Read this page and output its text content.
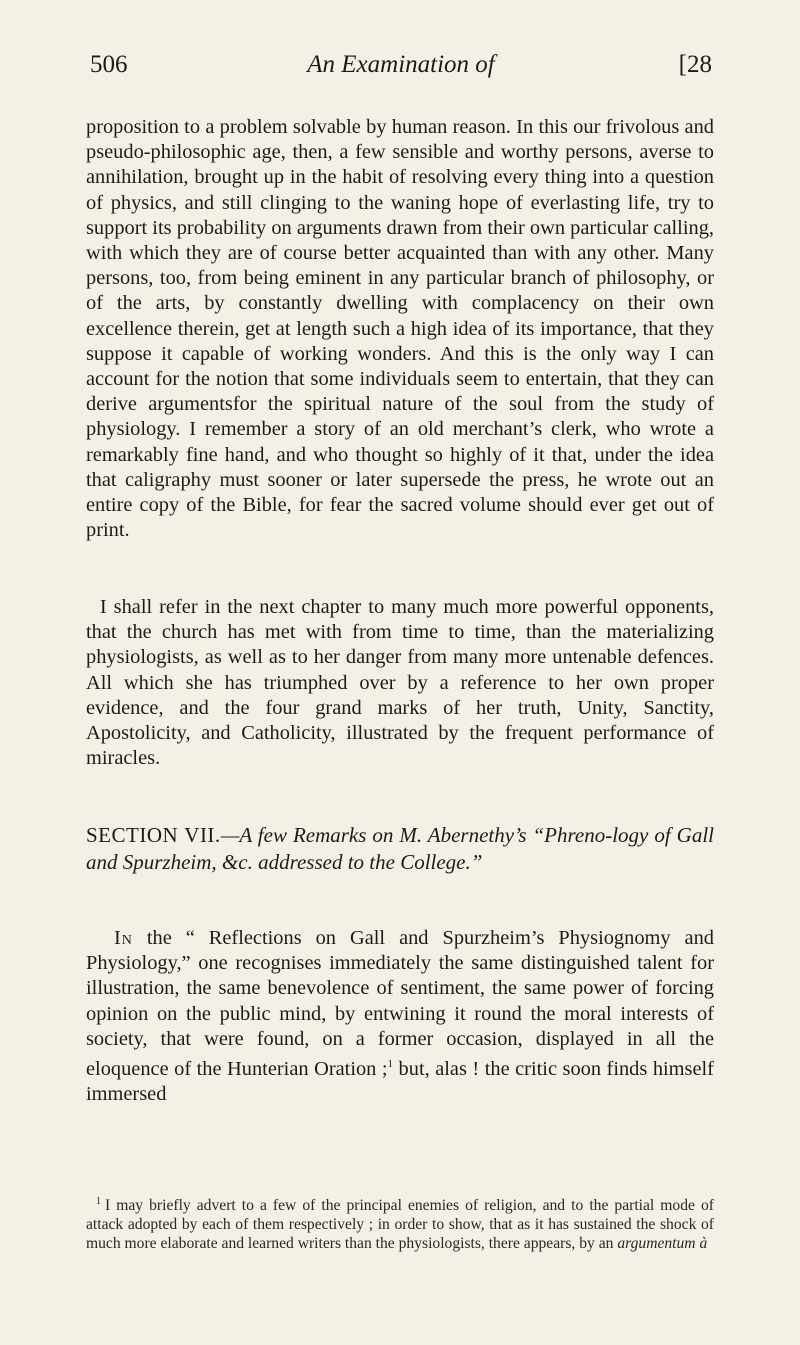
506	An Examination of	[28

proposition to a problem solvable by human reason. In this our frivolous and pseudo-philosophic age, then, a few sensible and worthy persons, averse to annihilation, brought up in the habit of resolving every thing into a question of physics, and still clinging to the waning hope of everlasting life, try to support its probability on arguments drawn from their own particular calling, with which they are of course better acquainted than with any other. Many persons, too, from being eminent in any particular branch of philosophy, or of the arts, by constantly dwelling with complacency on their own excellence therein, get at length such a high idea of its importance, that they suppose it capable of working wonders. And this is the only way I can account for the notion that some individuals seem to entertain, that they can derive argumentsfor the spiritual nature of the soul from the study of physiology. I remember a story of an old merchant’s clerk, who wrote a remarkably fine hand, and who thought so highly of it that, under the idea that caligraphy must sooner or later supersede the press, he wrote out an entire copy of the Bible, for fear the sacred volume should ever get out of print.

I shall refer in the next chapter to many much more powerful opponents, that the church has met with from time to time, than the materializing physiologists, as well as to her danger from many more untenable defences. All which she has triumphed over by a reference to her own proper evidence, and the four grand marks of her truth, Unity, Sanctity, Apostolicity, and Catholicity, illustrated by the frequent performance of miracles.

SECTION VII.—A few Remarks on M. Abernethy’s “Phreno-logy of Gall and Spurzheim, &c. addressed to the College.”

In the “ Reflections on Gall and Spurzheim’s Physiognomy and Physiology,” one recognises immediately the same distinguished talent for illustration, the same benevolence of sentiment, the same power of forcing opinion on the public mind, by entwining it round the moral interests of society, that were found, on a former occasion, displayed in all the eloquence of the Hunterian Oration ;$^1$ but, alas ! the critic soon finds himself immersed

$^1$ I may briefly advert to a few of the principal enemies of religion, and to the partial mode of attack adopted by each of them respectively ; in order to show, that as it has sustained the shock of much more elaborate and learned writers than the physiologists, there appears, by an argumentum à
